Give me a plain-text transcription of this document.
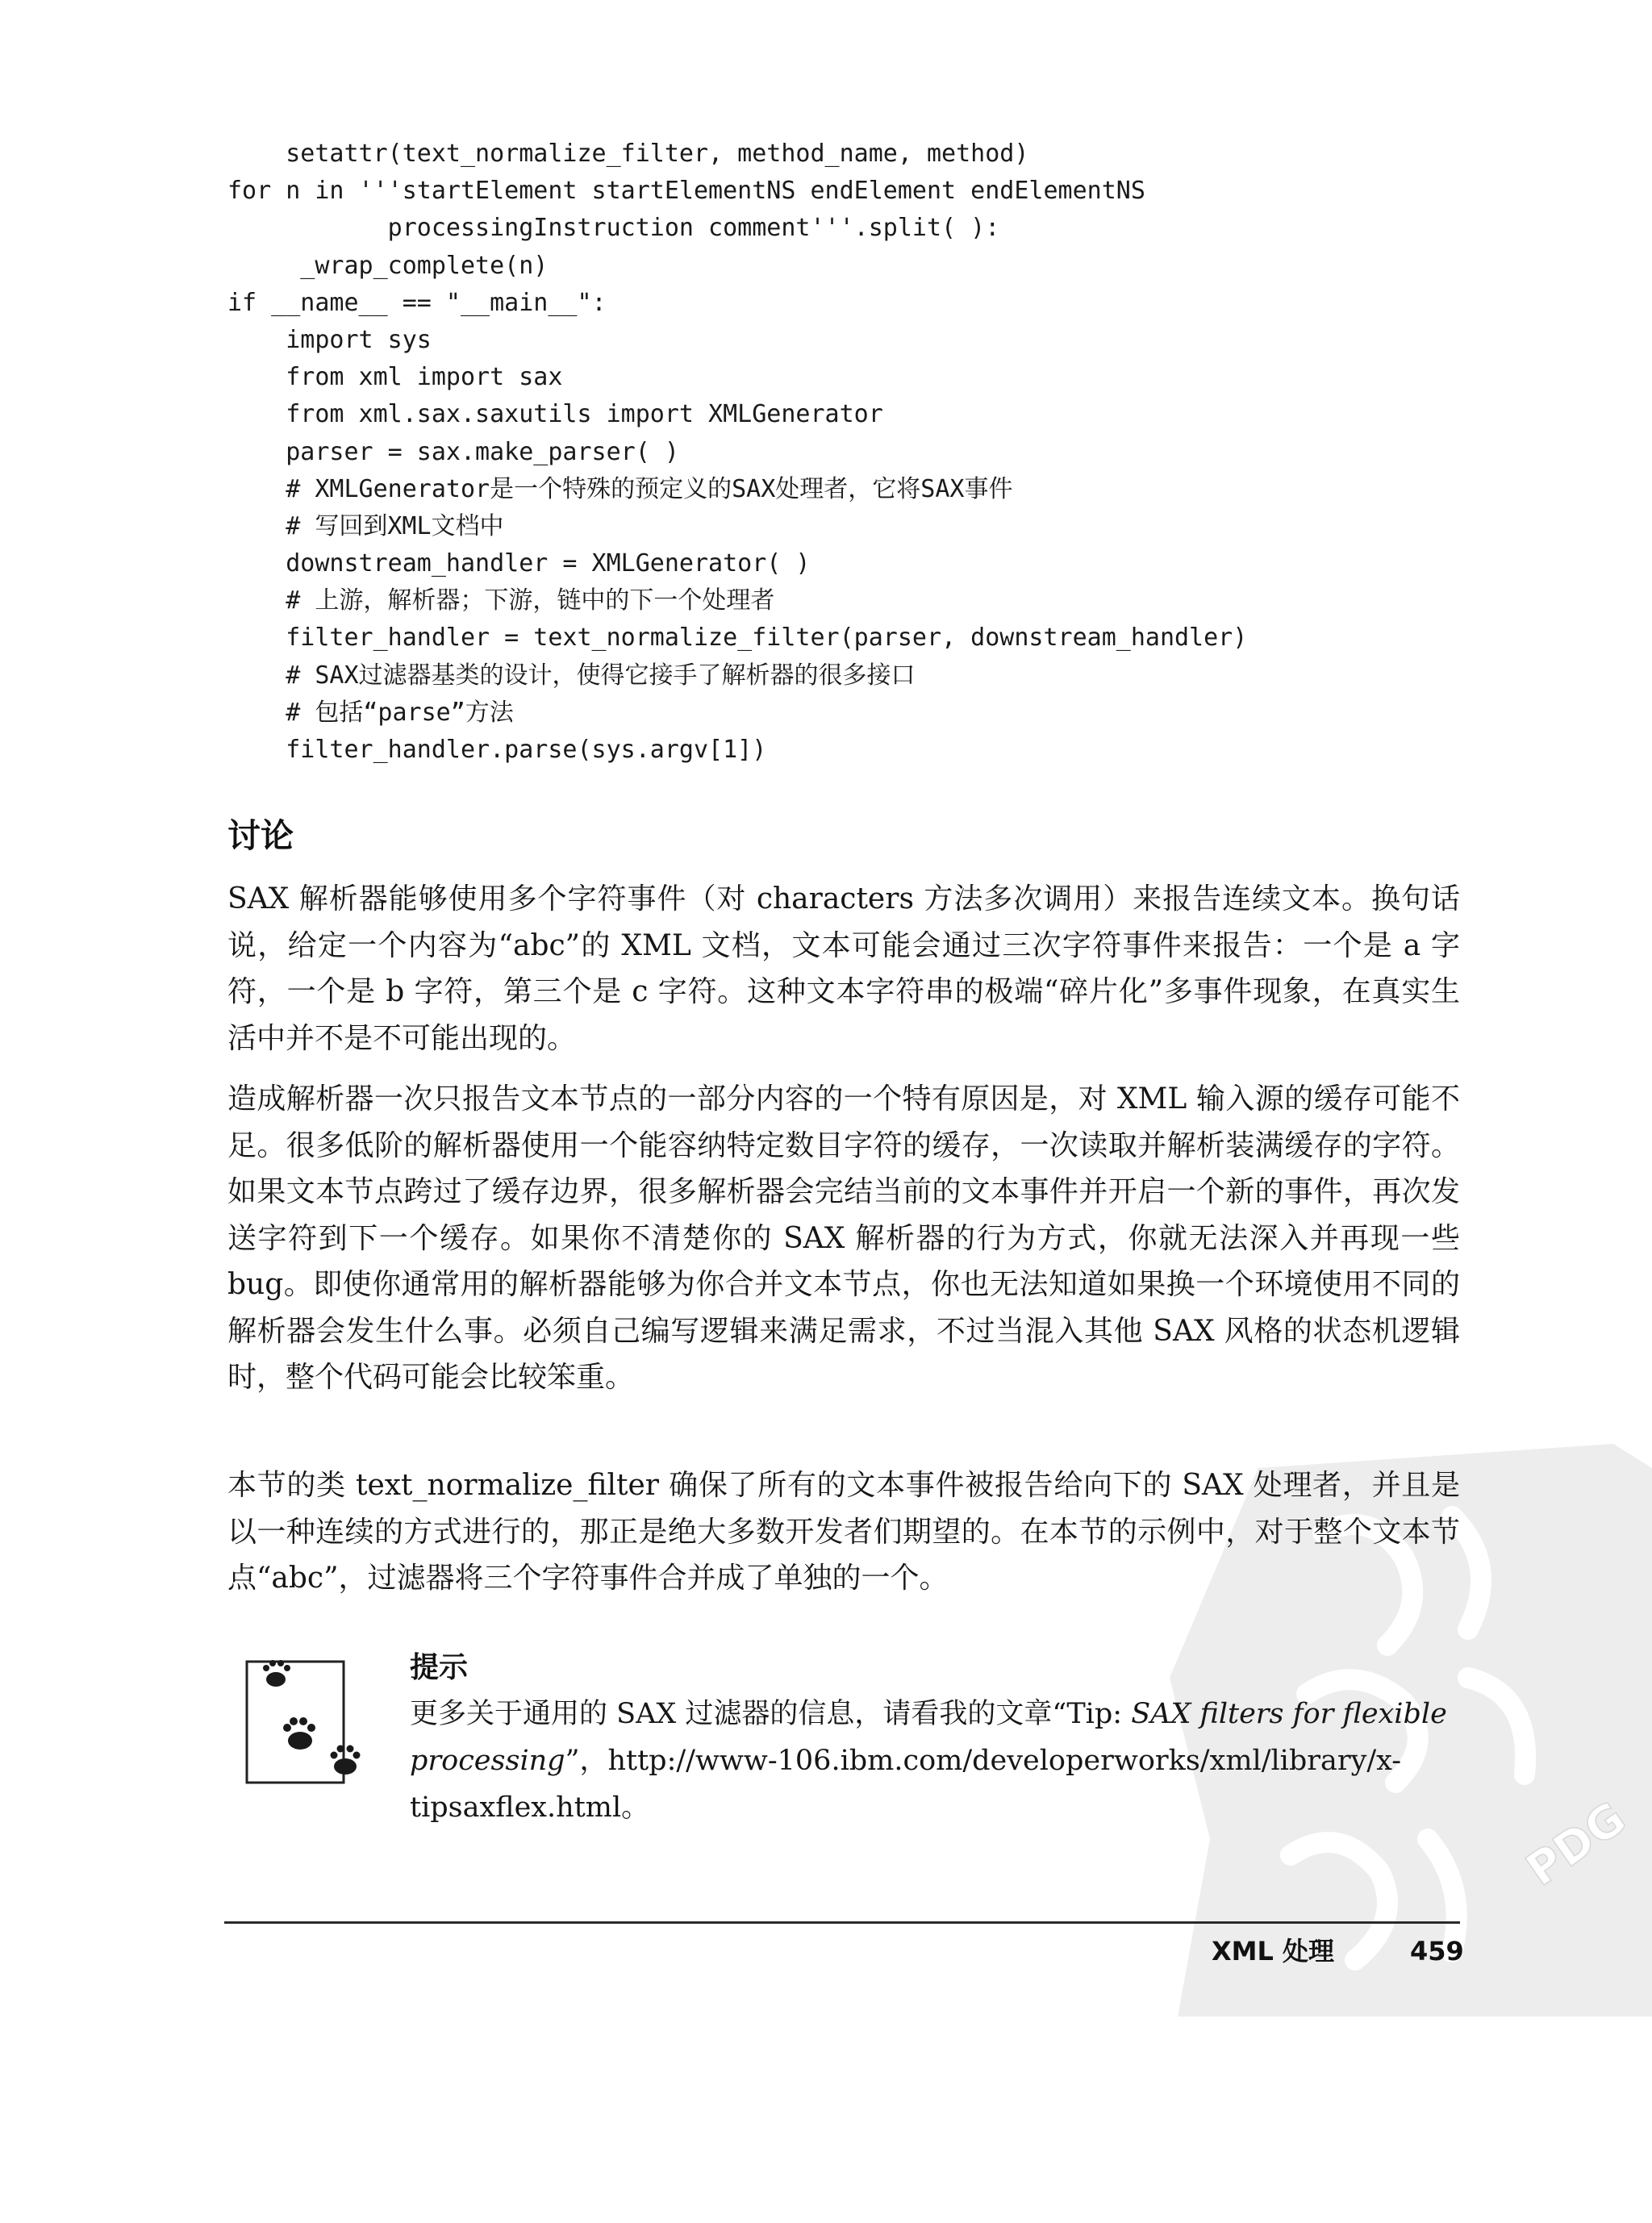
PDG
setattr(text_normalize_filter, method_name, method)
for n in '''startElement startElementNS endElement endElementNS
processingInstruction comment'''.split( ):
_wrap_complete(n)
if __name__ == "__main__":
import sys
from xml import sax
from xml.sax.saxutils import XMLGenerator
parser = sax.make_parser( )
# XMLGenerator是一个特殊的预定义的SAX处理者，它将SAX事件
# 写回到XML文档中
downstream_handler = XMLGenerator( )
# 上游，解析器；下游，链中的下一个处理者
filter_handler = text_normalize_filter(parser, downstream_handler)
# SAX过滤器基类的设计，使得它接手了解析器的很多接口
# 包括“parse”方法
filter_handler.parse(sys.argv[1])
讨论

SAX 解析器能够使用多个字符事件（对 characters 方法多次调用）来报告连续文本。换句话说，给定一个内容为“abc”的 XML 文档，文本可能会通过三次字符事件来报告：一个是 a 字符，一个是 b 字符，第三个是 c 字符。这种文本字符串的极端“碎片化”多事件现象，在真实生活中并不是不可能出现的。

造成解析器一次只报告文本节点的一部分内容的一个特有原因是，对 XML 输入源的缓存可能不足。很多低阶的解析器使用一个能容纳特定数目字符的缓存，一次读取并解析装满缓存的字符。如果文本节点跨过了缓存边界，很多解析器会完结当前的文本事件并开启一个新的事件，再次发送字符到下一个缓存。如果你不清楚你的 SAX 解析器的行为方式，你就无法深入并再现一些 bug。即使你通常用的解析器能够为你合并文本节点，你也无法知道如果换一个环境使用不同的解析器会发生什么事。必须自己编写逻辑来满足需求，不过当混入其他 SAX 风格的状态机逻辑时，整个代码可能会比较笨重。

本节的类 text_normalize_filter 确保了所有的文本事件被报告给向下的 SAX 处理者，并且是以一种连续的方式进行的，那正是绝大多数开发者们期望的。在本节的示例中，对于整个文本节点“abc”，过滤器将三个字符事件合并成了单独的一个。

提示

更多关于通用的 SAX 过滤器的信息，请看我的文章“Tip: SAX filters for flexible processing”，http://www-106.ibm.com/developerworks/xml/library/x-tipsaxflex.html。

XML 处理	459
